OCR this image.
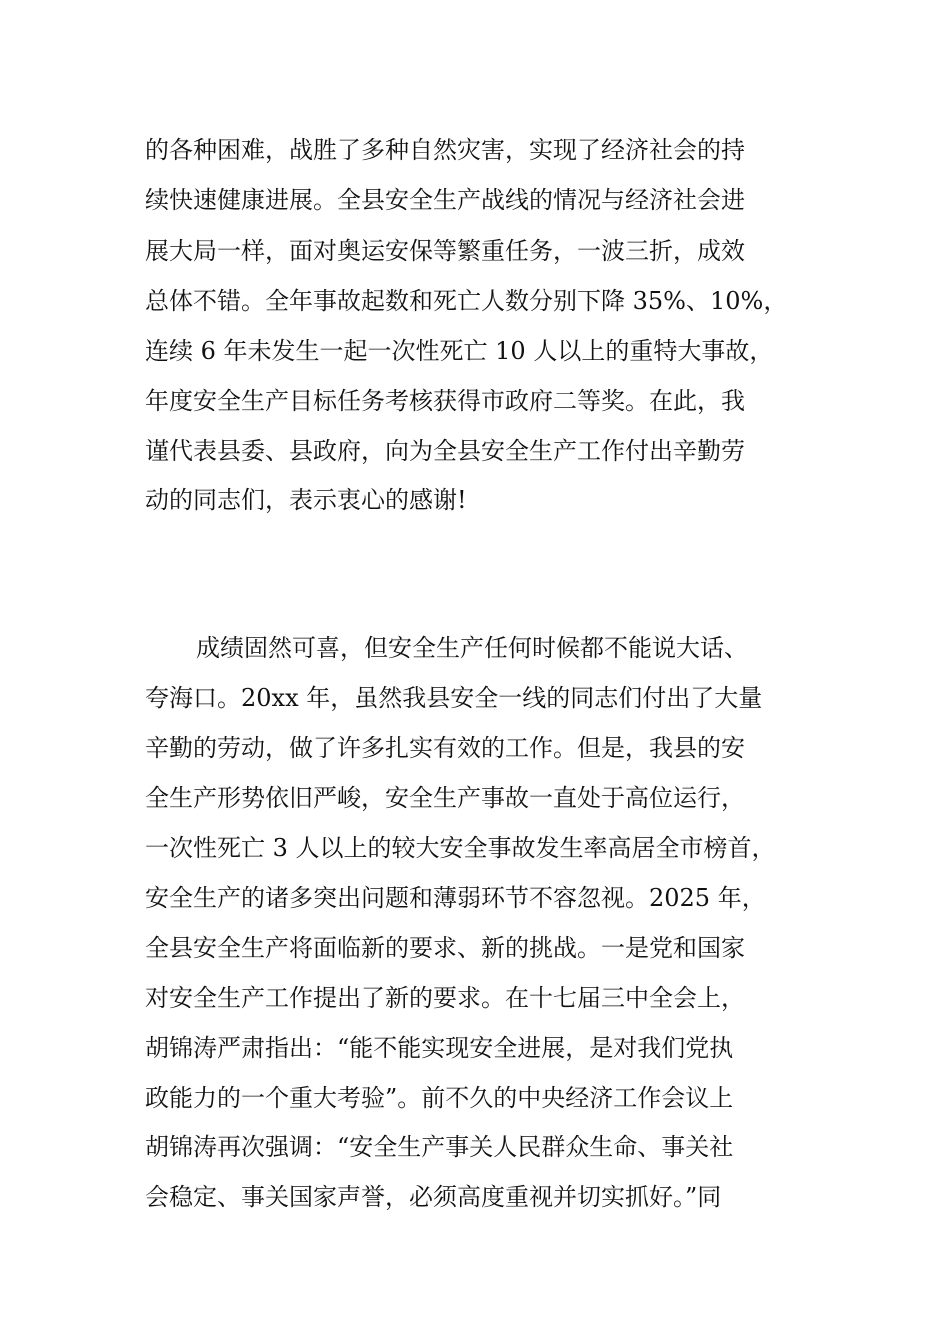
的各种困难，战胜了多种自然灾害，实现了经济社会的持
续快速健康进展。全县安全生产战线的情况与经济社会进
展大局一样，面对奥运安保等繁重任务，一波三折，成效
总体不错。全年事故起数和死亡人数分别下降 35%、10%，
连续 6 年未发生一起一次性死亡 10 人以上的重特大事故，
年度安全生产目标任务考核获得市政府二等奖。在此，我
谨代表县委、县政府，向为全县安全生产工作付出辛勤劳
动的同志们，表示衷心的感谢!
成绩固然可喜，但安全生产任何时候都不能说大话、
夸海口。20xx 年，虽然我县安全一线的同志们付出了大量
辛勤的劳动，做了许多扎实有效的工作。但是，我县的安
全生产形势依旧严峻，安全生产事故一直处于高位运行，
一次性死亡 3 人以上的较大安全事故发生率高居全市榜首，
安全生产的诸多突出问题和薄弱环节不容忽视。2025 年，
全县安全生产将面临新的要求、新的挑战。一是党和国家
对安全生产工作提出了新的要求。在十七届三中全会上，
胡锦涛严肃指出：“能不能实现安全进展，是对我们党执
政能力的一个重大考验”。前不久的中央经济工作会议上
胡锦涛再次强调：“安全生产事关人民群众生命、事关社
会稳定、事关国家声誉，必须高度重视并切实抓好。”同
